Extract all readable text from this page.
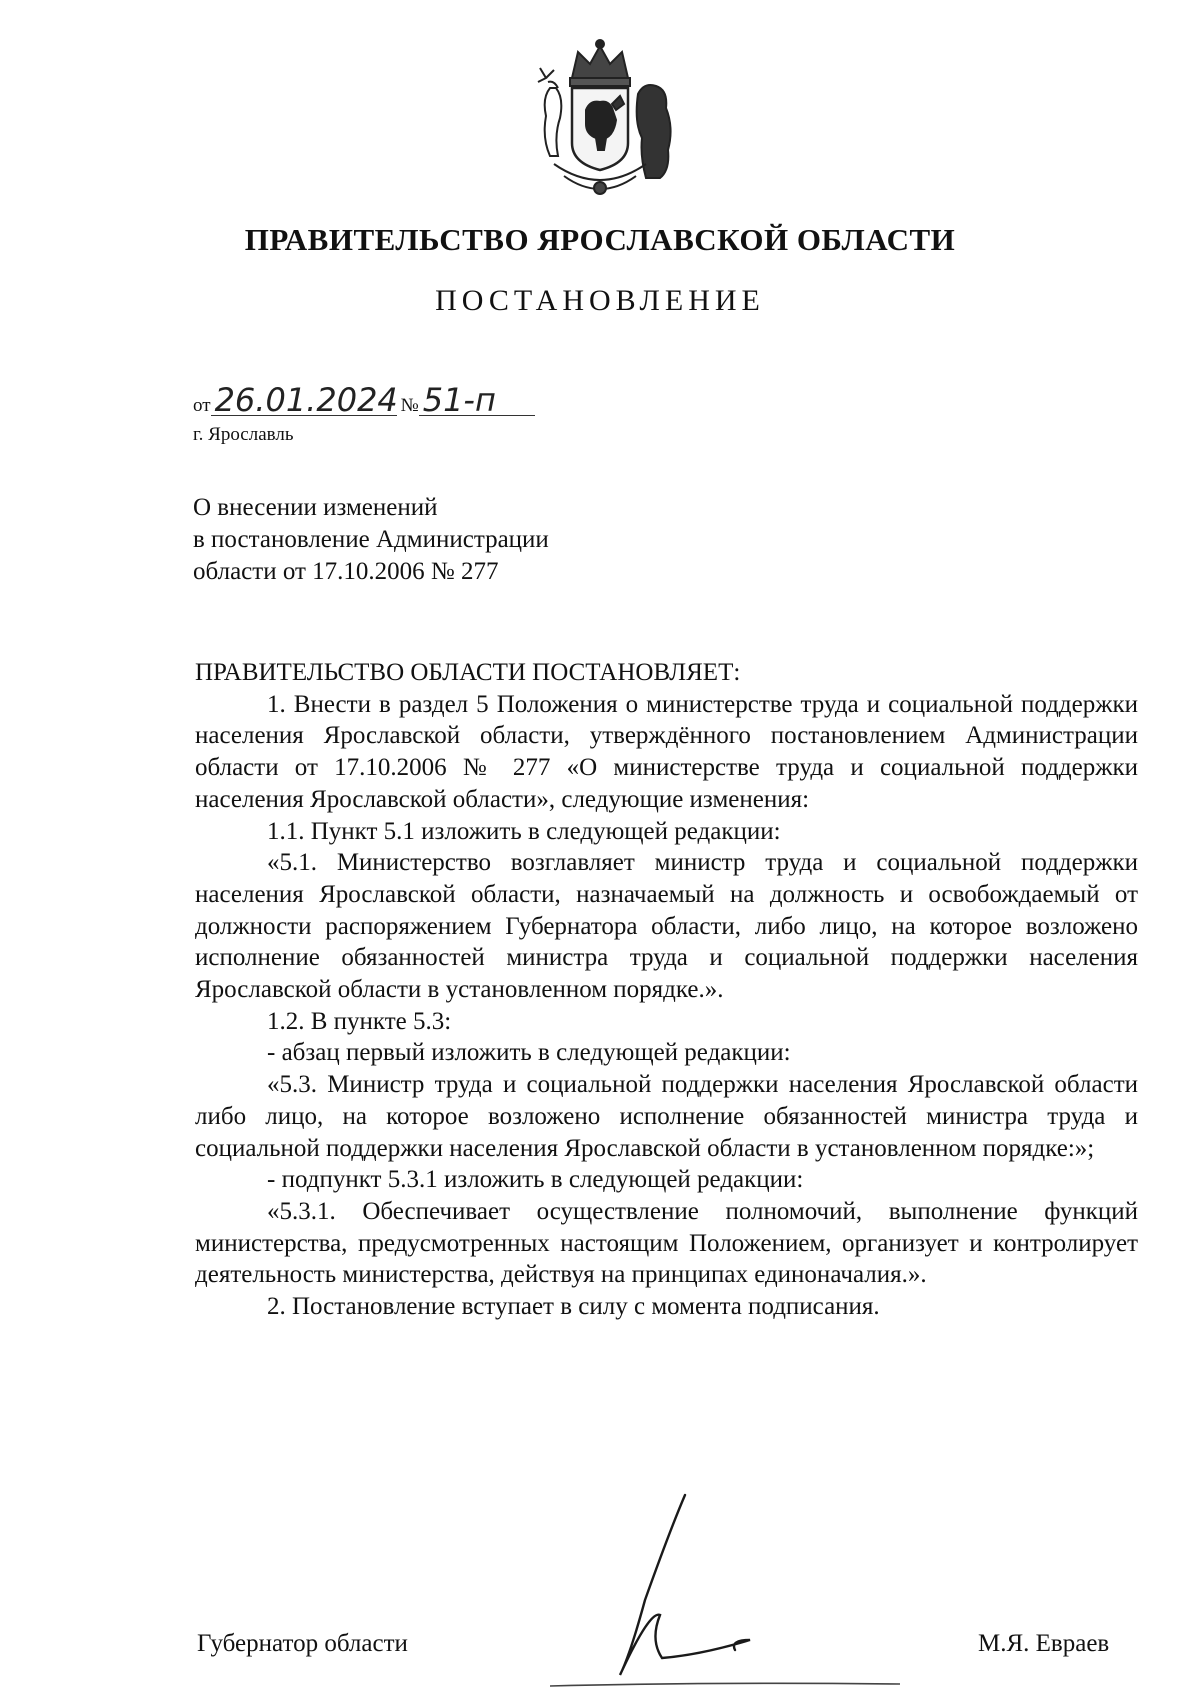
ПРАВИТЕЛЬСТВО ЯРОСЛАВСКОЙ ОБЛАСТИ
ПОСТАНОВЛЕНИЕ
от 26.01.2024 № 51-п
г. Ярославль
О внесении изменений
в постановление Администрации
области от 17.10.2006 № 277

ПРАВИТЕЛЬСТВО ОБЛАСТИ ПОСТАНОВЛЯЕТ:

1. Внести в раздел 5 Положения о министерстве труда и социальной поддержки населения Ярославской области, утверждённого постановлением Администрации области от 17.10.2006 № 277 «О министерстве труда и социальной поддержки населения Ярославской области», следующие изменения:

1.1. Пункт 5.1 изложить в следующей редакции:

«5.1. Министерство возглавляет министр труда и социальной поддержки населения Ярославской области, назначаемый на должность и освобождаемый от должности распоряжением Губернатора области, либо лицо, на которое возложено исполнение обязанностей министра труда и социальной поддержки населения Ярославской области в установленном порядке.».

1.2. В пункте 5.3:

- абзац первый изложить в следующей редакции:

«5.3. Министр труда и социальной поддержки населения Ярославской области либо лицо, на которое возложено исполнение обязанностей министра труда и социальной поддержки населения Ярославской области в установленном порядке:»;

- подпункт 5.3.1 изложить в следующей редакции:

«5.3.1. Обеспечивает осуществление полномочий, выполнение функций министерства, предусмотренных настоящим Положением, организует и контролирует деятельность министерства, действуя на принципах единоначалия.».

2. Постановление вступает в силу с момента подписания.

Губернатор области	М.Я. Евраев
